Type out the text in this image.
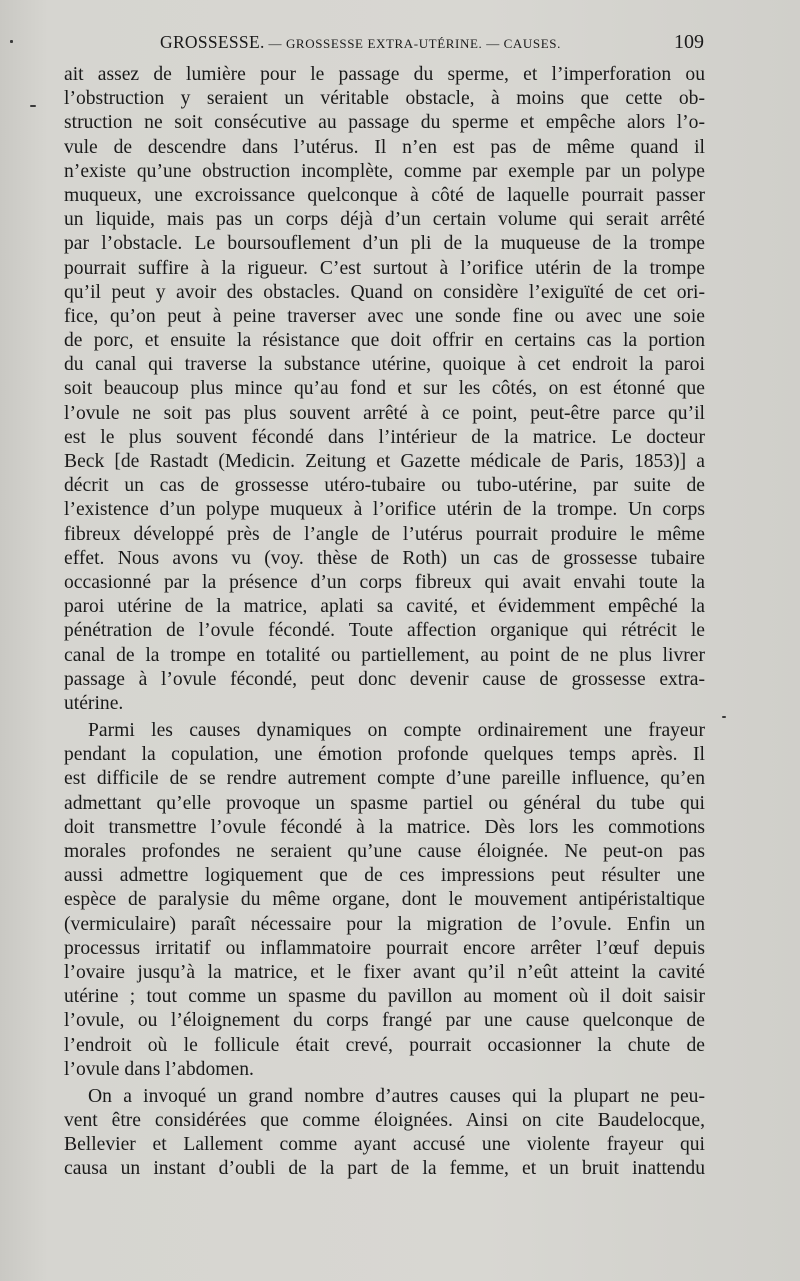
GROSSESSE. — GROSSESSE EXTRA-UTÉRINE. — CAUSES.	109
ait assez de lumière pour le passage du sperme, et l’imperforation ou
l’obstruction y seraient un véritable obstacle, à moins que cette ob-
struction ne soit consécutive au passage du sperme et empêche alors l’o-
vule de descendre dans l’utérus. Il n’en est pas de même quand il
n’existe qu’une obstruction incomplète, comme par exemple par un polype
muqueux, une excroissance quelconque à côté de laquelle pourrait passer
un liquide, mais pas un corps déjà d’un certain volume qui serait arrêté
par l’obstacle. Le boursouflement d’un pli de la muqueuse de la trompe
pourrait suffire à la rigueur. C’est surtout à l’orifice utérin de la trompe
qu’il peut y avoir des obstacles. Quand on considère l’exiguïté de cet ori-
fice, qu’on peut à peine traverser avec une sonde fine ou avec une soie
de porc, et ensuite la résistance que doit offrir en certains cas la portion
du canal qui traverse la substance utérine, quoique à cet endroit la paroi
soit beaucoup plus mince qu’au fond et sur les côtés, on est étonné que
l’ovule ne soit pas plus souvent arrêté à ce point, peut-être parce qu’il
est le plus souvent fécondé dans l’intérieur de la matrice. Le docteur
Beck [de Rastadt (Medicin. Zeitung et Gazette médicale de Paris, 1853)] a
décrit un cas de grossesse utéro-tubaire ou tubo-utérine, par suite de
l’existence d’un polype muqueux à l’orifice utérin de la trompe. Un corps
fibreux développé près de l’angle de l’utérus pourrait produire le même
effet. Nous avons vu (voy. thèse de Roth) un cas de grossesse tubaire
occasionné par la présence d’un corps fibreux qui avait envahi toute la
paroi utérine de la matrice, aplati sa cavité, et évidemment empêché la
pénétration de l’ovule fécondé. Toute affection organique qui rétrécit le
canal de la trompe en totalité ou partiellement, au point de ne plus livrer
passage à l’ovule fécondé, peut donc devenir cause de grossesse extra-
utérine.
Parmi les causes dynamiques on compte ordinairement une frayeur
pendant la copulation, une émotion profonde quelques temps après. Il
est difficile de se rendre autrement compte d’une pareille influence, qu’en
admettant qu’elle provoque un spasme partiel ou général du tube qui
doit transmettre l’ovule fécondé à la matrice. Dès lors les commotions
morales profondes ne seraient qu’une cause éloignée. Ne peut-on pas
aussi admettre logiquement que de ces impressions peut résulter une
espèce de paralysie du même organe, dont le mouvement antipéristaltique
(vermiculaire) paraît nécessaire pour la migration de l’ovule. Enfin un
processus irritatif ou inflammatoire pourrait encore arrêter l’œuf depuis
l’ovaire jusqu’à la matrice, et le fixer avant qu’il n’eût atteint la cavité
utérine ; tout comme un spasme du pavillon au moment où il doit saisir
l’ovule, ou l’éloignement du corps frangé par une cause quelconque de
l’endroit où le follicule était crevé, pourrait occasionner la chute de
l’ovule dans l’abdomen.
On a invoqué un grand nombre d’autres causes qui la plupart ne peu-
vent être considérées que comme éloignées. Ainsi on cite Baudelocque,
Bellevier et Lallement comme ayant accusé une violente frayeur qui
causa un instant d’oubli de la part de la femme, et un bruit inattendu
